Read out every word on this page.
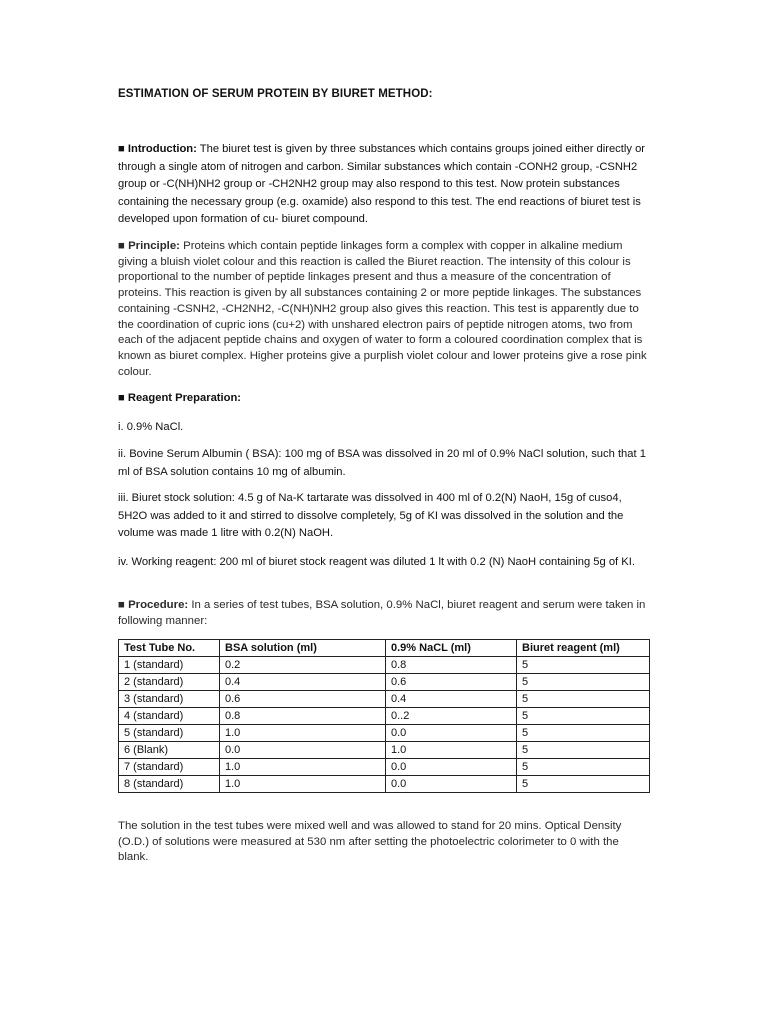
ESTIMATION OF SERUM PROTEIN BY BIURET METHOD:
■ Introduction: The biuret test is given by three substances which contains groups joined either directly or through a single atom of nitrogen and carbon. Similar substances which contain -CONH2 group, -CSNH2 group or -C(NH)NH2 group or -CH2NH2 group may also respond to this test. Now protein substances containing the necessary group (e.g. oxamide) also respond to this test. The end reactions of biuret test is developed upon formation of cu- biuret compound.
■ Principle: Proteins which contain peptide linkages form a complex with copper in alkaline medium giving a bluish violet colour and this reaction is called the Biuret reaction. The intensity of this colour is proportional to the number of peptide linkages present and thus a measure of the concentration of proteins. This reaction is given by all substances containing 2 or more peptide linkages. The substances containing -CSNH2, -CH2NH2, -C(NH)NH2 group also gives this reaction. This test is apparently due to the coordination of cupric ions (cu+2) with unshared electron pairs of peptide nitrogen atoms, two from each of the adjacent peptide chains and oxygen of water to form a coloured coordination complex that is known as biuret complex. Higher proteins give a purplish violet colour and lower proteins give a rose pink colour.
■ Reagent Preparation:
i. 0.9% NaCl.
ii. Bovine Serum Albumin ( BSA): 100 mg of BSA was dissolved in 20 ml of 0.9% NaCl solution, such that 1 ml of BSA solution contains 10 mg of albumin.
iii. Biuret stock solution: 4.5 g of Na-K tartarate was dissolved in 400 ml of 0.2(N) NaoH, 15g of cuso4, 5H2O was added to it and stirred to dissolve completely, 5g of KI was dissolved in the solution and the volume was made 1 litre with 0.2(N) NaOH.
iv. Working reagent: 200 ml of biuret stock reagent was diluted 1 lt with 0.2 (N) NaoH containing 5g of KI.
■ Procedure: In a series of test tubes, BSA solution, 0.9% NaCl, biuret reagent and serum were taken in following manner:
Test Tube No.	BSA solution (ml)	0.9% NaCL (ml)	Biuret reagent (ml)
1 (standard)	0.2	0.8	5
2 (standard)	0.4	0.6	5
3 (standard)	0.6	0.4	5
4 (standard)	0.8	0..2	5
5 (standard)	1.0	0.0	5
6 (Blank)	0.0	1.0	5
7 (standard)	1.0	0.0	5
8 (standard)	1.0	0.0	5
The solution in the test tubes were mixed well and was allowed to stand for 20 mins. Optical Density (O.D.) of solutions were measured at 530 nm after setting the photoelectric colorimeter to 0 with the blank.
